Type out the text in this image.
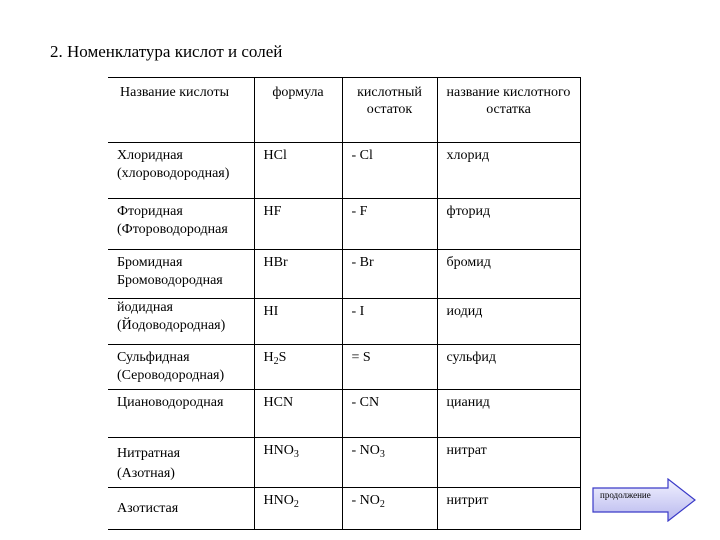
2. Номенклатура кислот и солей
Название кислоты	формула	кислотный остаток	название кислотного остатка

Хлоридная
(хлороводородная)	HCl	- Cl	хлорид

Фторидная
(Фтороводородная	HF	- F	фторид

Бромидная
Бромоводородная	HBr	- Br	бромид

йодидная
(Йодоводородная)	HI	- I	иодид

Сульфидная
(Сероводородная)	$H_2S$	= S	сульфид

Циановодородная	HCN	- CN	цианид

Нитратная
(Азотная)	$HNO_3$	- $NO_3$	нитрат

Азотистая	$HNO_2$	- $NO_2$	нитрит	продолжение
